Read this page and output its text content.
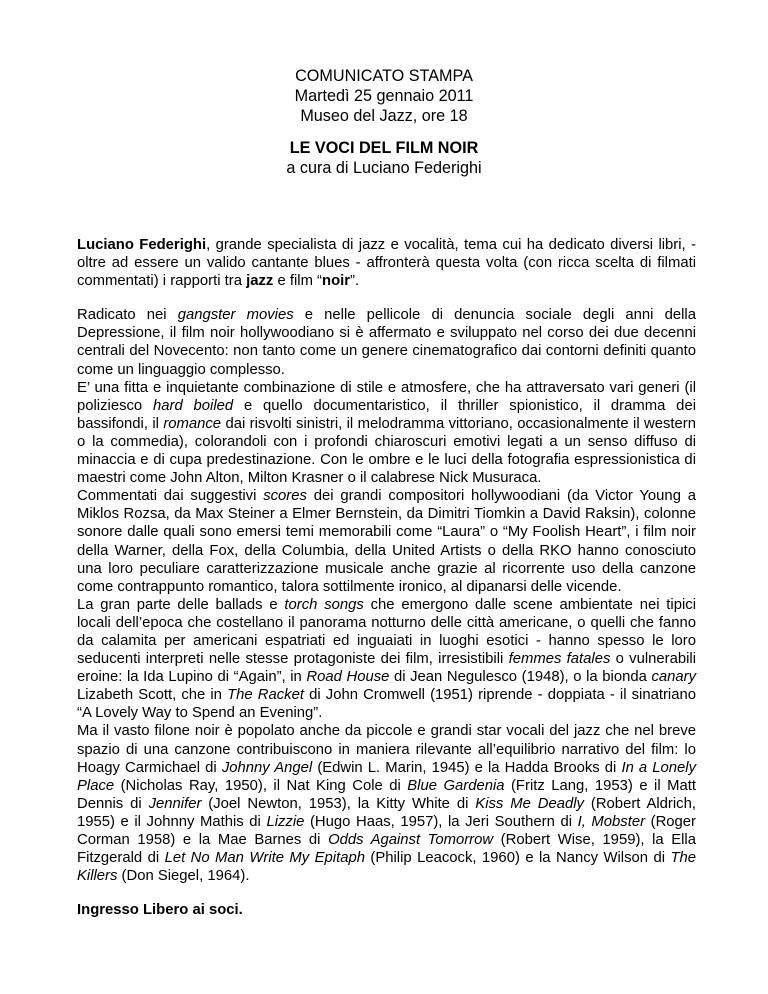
COMUNICATO STAMPA
Martedì 25 gennaio 2011
Museo del Jazz, ore 18
LE VOCI DEL FILM NOIR
a cura di Luciano Federighi

Luciano Federighi, grande specialista di jazz e vocalità, tema cui ha dedicato diversi libri, - oltre ad essere un valido cantante blues - affronterà questa volta (con ricca scelta di filmati commentati) i rapporti tra jazz e film “noir”.

Radicato nei gangster movies e nelle pellicole di denuncia sociale degli anni della Depressione, il film noir hollywoodiano si è affermato e sviluppato nel corso dei due decenni centrali del Novecento: non tanto come un genere cinematografico dai contorni definiti quanto come un linguaggio complesso.

E’ una fitta e inquietante combinazione di stile e atmosfere, che ha attraversato vari generi (il poliziesco hard boiled e quello documentaristico, il thriller spionistico, il dramma dei bassifondi, il romance dai risvolti sinistri, il melodramma vittoriano, occasionalmente il western o la commedia), colorandoli con i profondi chiaroscuri emotivi legati a un senso diffuso di minaccia e di cupa predestinazione. Con le ombre e le luci della fotografia espressionistica di maestri come John Alton, Milton Krasner o il calabrese Nick Musuraca.

Commentati dai suggestivi scores dei grandi compositori hollywoodiani (da Victor Young a Miklos Rozsa, da Max Steiner a Elmer Bernstein, da Dimitri Tiomkin a David Raksin), colonne sonore dalle quali sono emersi temi memorabili come “Laura” o “My Foolish Heart”, i film noir della Warner, della Fox, della Columbia, della United Artists o della RKO hanno conosciuto una loro peculiare caratterizzazione musicale anche grazie al ricorrente uso della canzone come contrappunto romantico, talora sottilmente ironico, al dipanarsi delle vicende.

La gran parte delle ballads e torch songs che emergono dalle scene ambientate nei tipici locali dell’epoca che costellano il panorama notturno delle città americane, o quelli che fanno da calamita per americani espatriati ed inguaiati in luoghi esotici - hanno spesso le loro seducenti interpreti nelle stesse protagoniste dei film, irresistibili femmes fatales o vulnerabili eroine: la Ida Lupino di “Again”, in Road House di Jean Negulesco (1948), o la bionda canary Lizabeth Scott, che in The Racket di John Cromwell (1951) riprende - doppiata - il sinatriano “A Lovely Way to Spend an Evening”.

Ma il vasto filone noir è popolato anche da piccole e grandi star vocali del jazz che nel breve spazio di una canzone contribuiscono in maniera rilevante all’equilibrio narrativo del film: lo Hoagy Carmichael di Johnny Angel (Edwin L. Marin, 1945) e la Hadda Brooks di In a Lonely Place (Nicholas Ray, 1950), il Nat King Cole di Blue Gardenia (Fritz Lang, 1953) e il Matt Dennis di Jennifer (Joel Newton, 1953), la Kitty White di Kiss Me Deadly (Robert Aldrich, 1955) e il Johnny Mathis di Lizzie (Hugo Haas, 1957), la Jeri Southern di I, Mobster (Roger Corman 1958) e la Mae Barnes di Odds Against Tomorrow (Robert Wise, 1959), la Ella Fitzgerald di Let No Man Write My Epitaph (Philip Leacock, 1960) e la Nancy Wilson di The Killers (Don Siegel, 1964).

Ingresso Libero ai soci.
